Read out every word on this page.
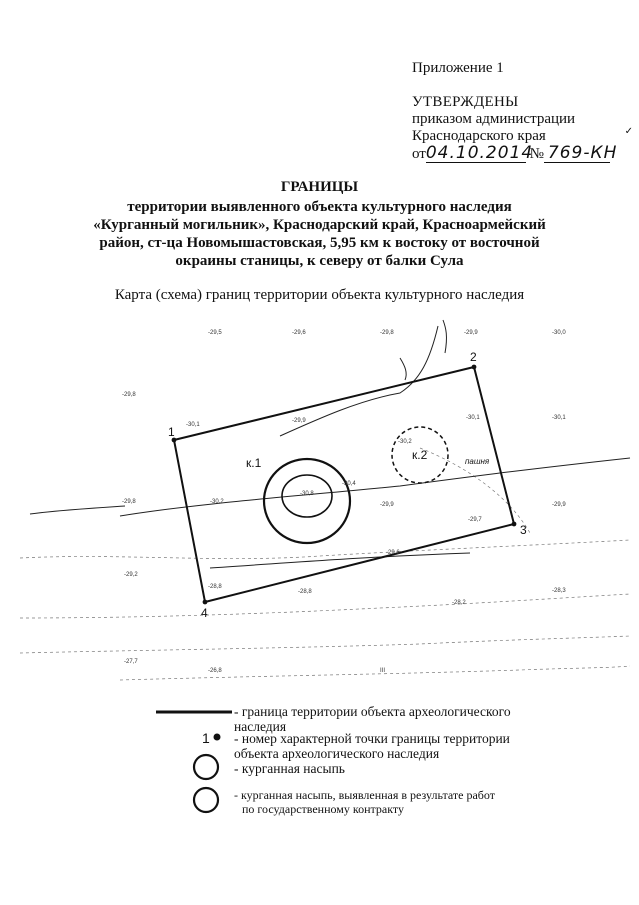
Приложение 1
УТВЕРЖДЕНЫ
приказом администрации
Краснодарского края
от 04.10.2014
№ 769-КН
✓
ГРАНИЦЫ
территории выявленного объекта культурного наследия
«Курганный могильник», Краснодарский край, Красноармейский
район, ст-ца Новомышастовская, 5,95 км к востоку от восточной
окраины станицы, к северу от балки Сула
Карта (схема) границ территории объекта культурного наследия
1
2
3
4
к.1
к.2	пашня
-29,5	-29,6	-29,8	-29,9	-30,0
-29,8
-30,1
-29,9	-30,1	-30,1
-30,2
-30,4
-30,8
-30,2	-29,9
-29,8	-29,9
-29,7
-29,6
-29,2
-28,8
-28,8	-28,3
-28,2
-27,7
-26,8	III
1
- граница территории объекта археологического
наследия
- номер характерной точки границы территории
объекта археологического наследия
- курганная насыпь
- курганная насыпь, выявленная в результате работ
по государственному контракту
